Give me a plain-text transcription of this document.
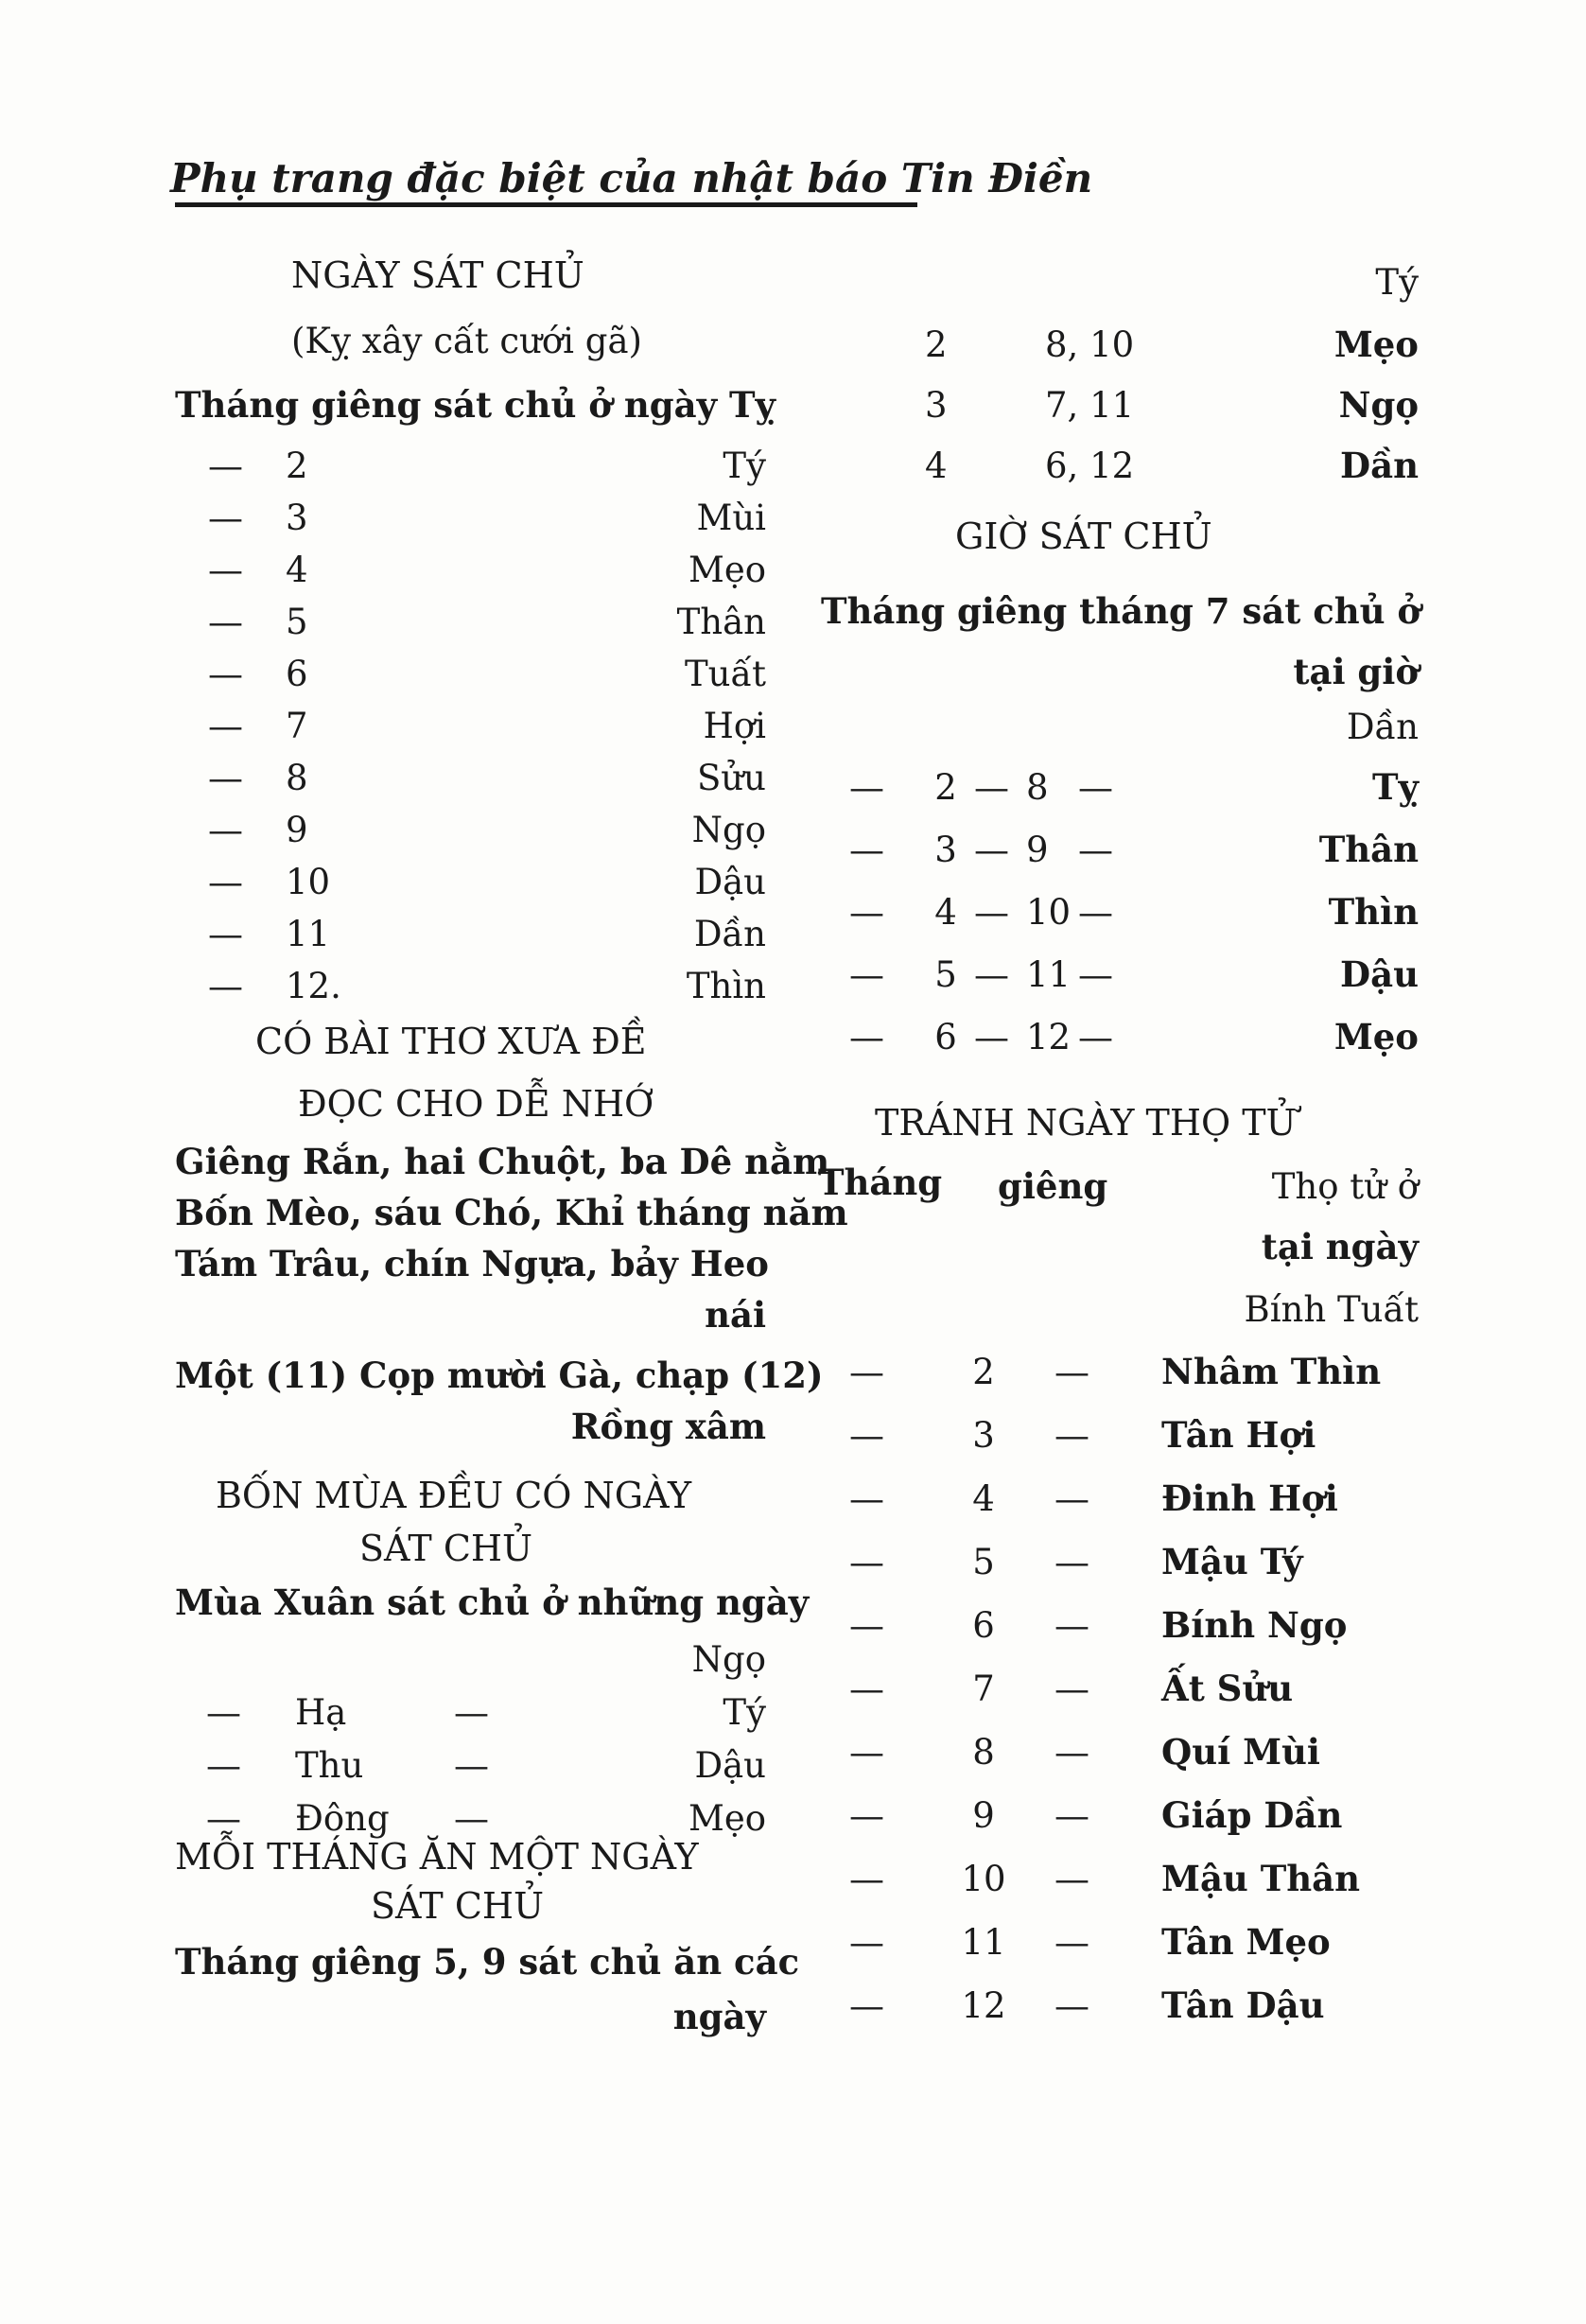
Phụ trang đặc biệt của nhật báo Tin Điền
NGÀY SÁT CHỦ
(Kỵ xây cất cưới gã)
Tháng giêng sát chủ ở ngày Tỵ
— 2	Tý
— 3	Mùi
— 4	Mẹo
— 5	Thân
— 6	Tuất
— 7	Hợi
— 8	Sửu
— 9	Ngọ
— 10	Dậu
— 11	Dần
— 12.	Thìn
CÓ BÀI THƠ XƯA ĐỀ
ĐỌC CHO DỄ NHỚ
Giêng Rắn, hai Chuột, ba Dê nằm
Bốn Mèo, sáu Chó, Khỉ tháng năm
Tám Trâu, chín Ngựa, bảy Heo
nái
Một (11) Cọp mười Gà, chạp (12)
Rồng xâm
BỐN MÙA ĐỀU CÓ NGÀY
SÁT CHỦ
Mùa Xuân sát chủ ở những ngày
Ngọ
— Hạ	—	Tý
— Thu	—	Dậu
— Đông —	Mẹo
MỖI THÁNG ĂN MỘT NGÀY
SÁT CHỦ
Tháng giêng 5, 9 sát chủ ăn các
ngày
Tý
2	8, 10	Mẹo
3	7, 11	Ngọ
4	6, 12	Dần
GIỜ SÁT CHỦ
Tháng giêng tháng 7 sát chủ ở
tại giờ
Dần
— 2 — 8 —	Tỵ
— 3 — 9 —	Thân
— 4 — 10 —	Thìn
— 5 — 11 —	Dậu
— 6 — 12 —	Mẹo
TRÁNH NGÀY THỌ TỬ
Tháng giêng	Thọ tử ở
tại ngày
Bính Tuất
—	2	— Nhâm Thìn
—	3	— Tân Hợi
—	4	— Đinh Hợi
—	5	— Mậu Tý
—	6	— Bính Ngọ
—	7	— Ất Sửu
—	8	— Quí Mùi
—	9	— Giáp Dần
— 10 — Mậu Thân
— 11 — Tân Mẹo
— 12 — Tân Dậu
